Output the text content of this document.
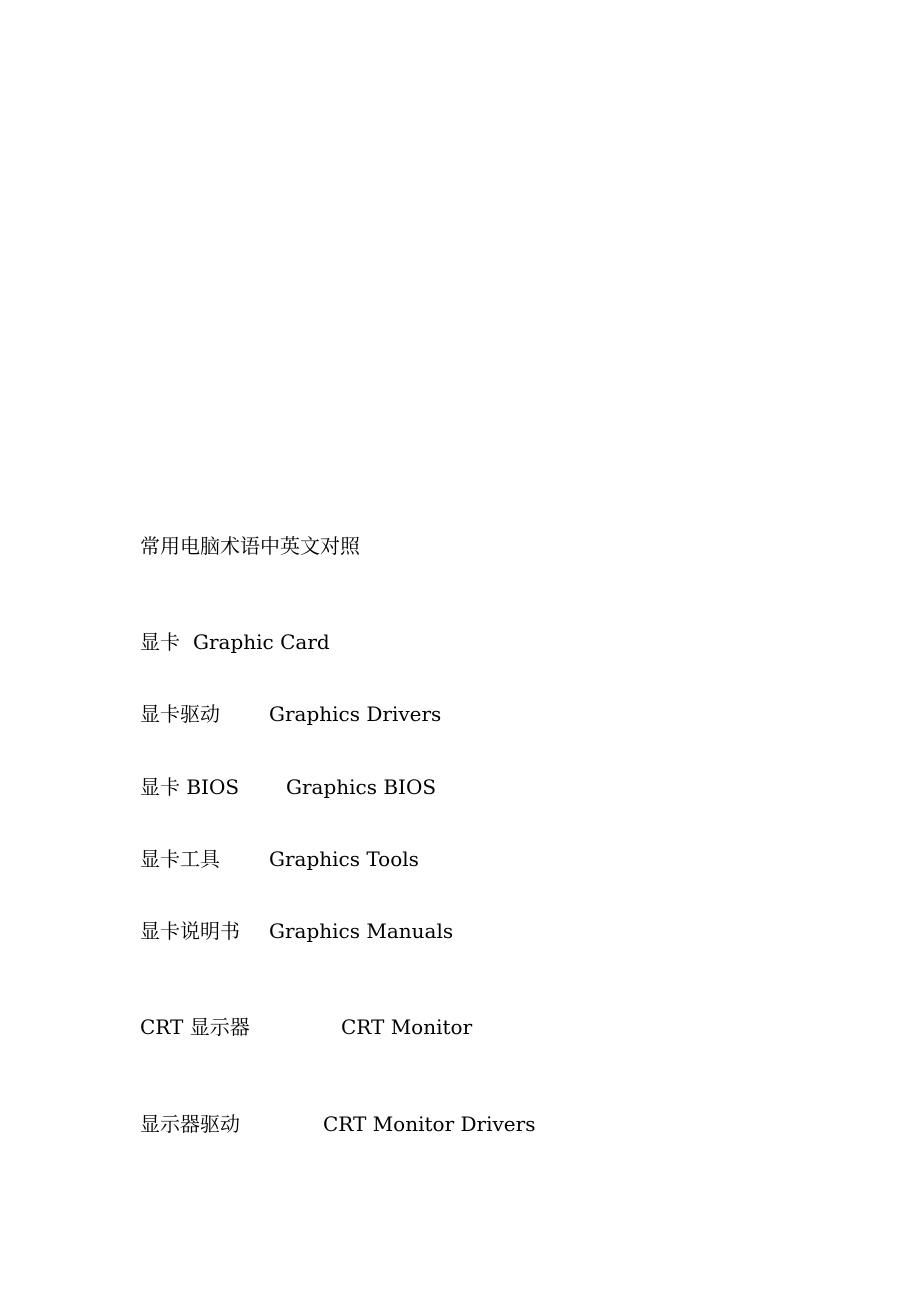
常用电脑术语中英文对照
显卡 Graphic Card
显卡驱动 Graphics Drivers
显卡 BIOS Graphics BIOS
显卡工具 Graphics Tools
显卡说明书 Graphics Manuals
CRT 显示器	CRT Monitor
显示器驱动	CRT Monitor Drivers
